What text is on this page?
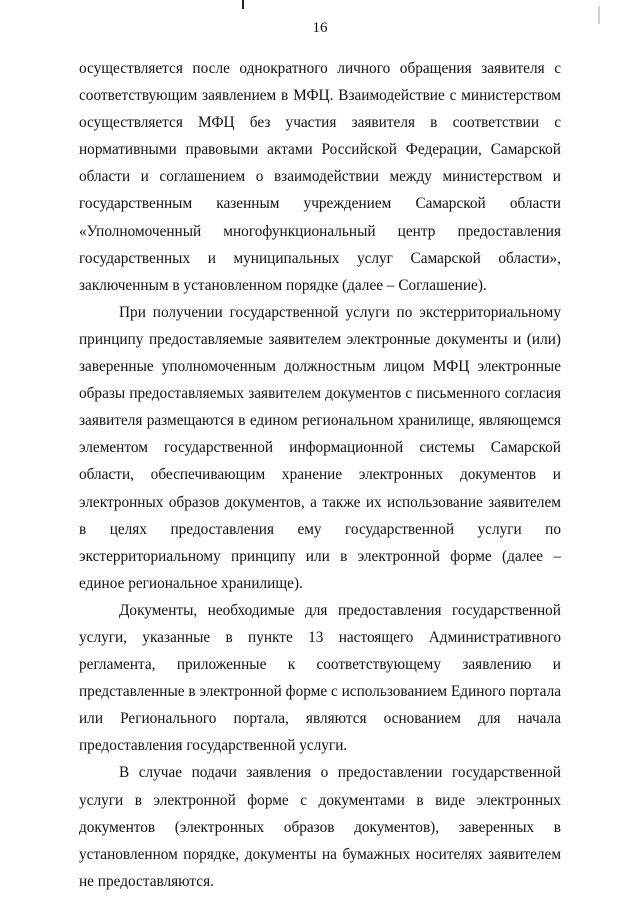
16

осуществляется после однократного личного обращения заявителя с соответствующим заявлением в МФЦ. Взаимодействие с министерством осуществляется МФЦ без участия заявителя в соответствии с нормативными правовыми актами Российской Федерации, Самарской области и соглашением о взаимодействии между министерством и государственным казенным учреждением Самарской области «Уполномоченный многофункциональный центр предоставления государственных и муниципальных услуг Самарской области», заключенным в установленном порядке (далее – Соглашение).

При получении государственной услуги по экстерриториальному принципу предоставляемые заявителем электронные документы и (или) заверенные уполномоченным должностным лицом МФЦ электронные образы предоставляемых заявителем документов с письменного согласия заявителя размещаются в едином региональном хранилище, являющемся элементом государственной информационной системы Самарской области, обеспечивающим хранение электронных документов и электронных образов документов, а также их использование заявителем в целях предоставления ему государственной услуги по экстерриториальному принципу или в электронной форме (далее – единое региональное хранилище).

Документы, необходимые для предоставления государственной услуги, указанные в пункте 13 настоящего Административного регламента, приложенные к соответствующему заявлению и представленные в электронной форме с использованием Единого портала или Регионального портала, являются основанием для начала предоставления государственной услуги.

В случае подачи заявления о предоставлении государственной услуги в электронной форме с документами в виде электронных документов (электронных образов документов), заверенных в установленном порядке, документы на бумажных носителях заявителем не предоставляются.
